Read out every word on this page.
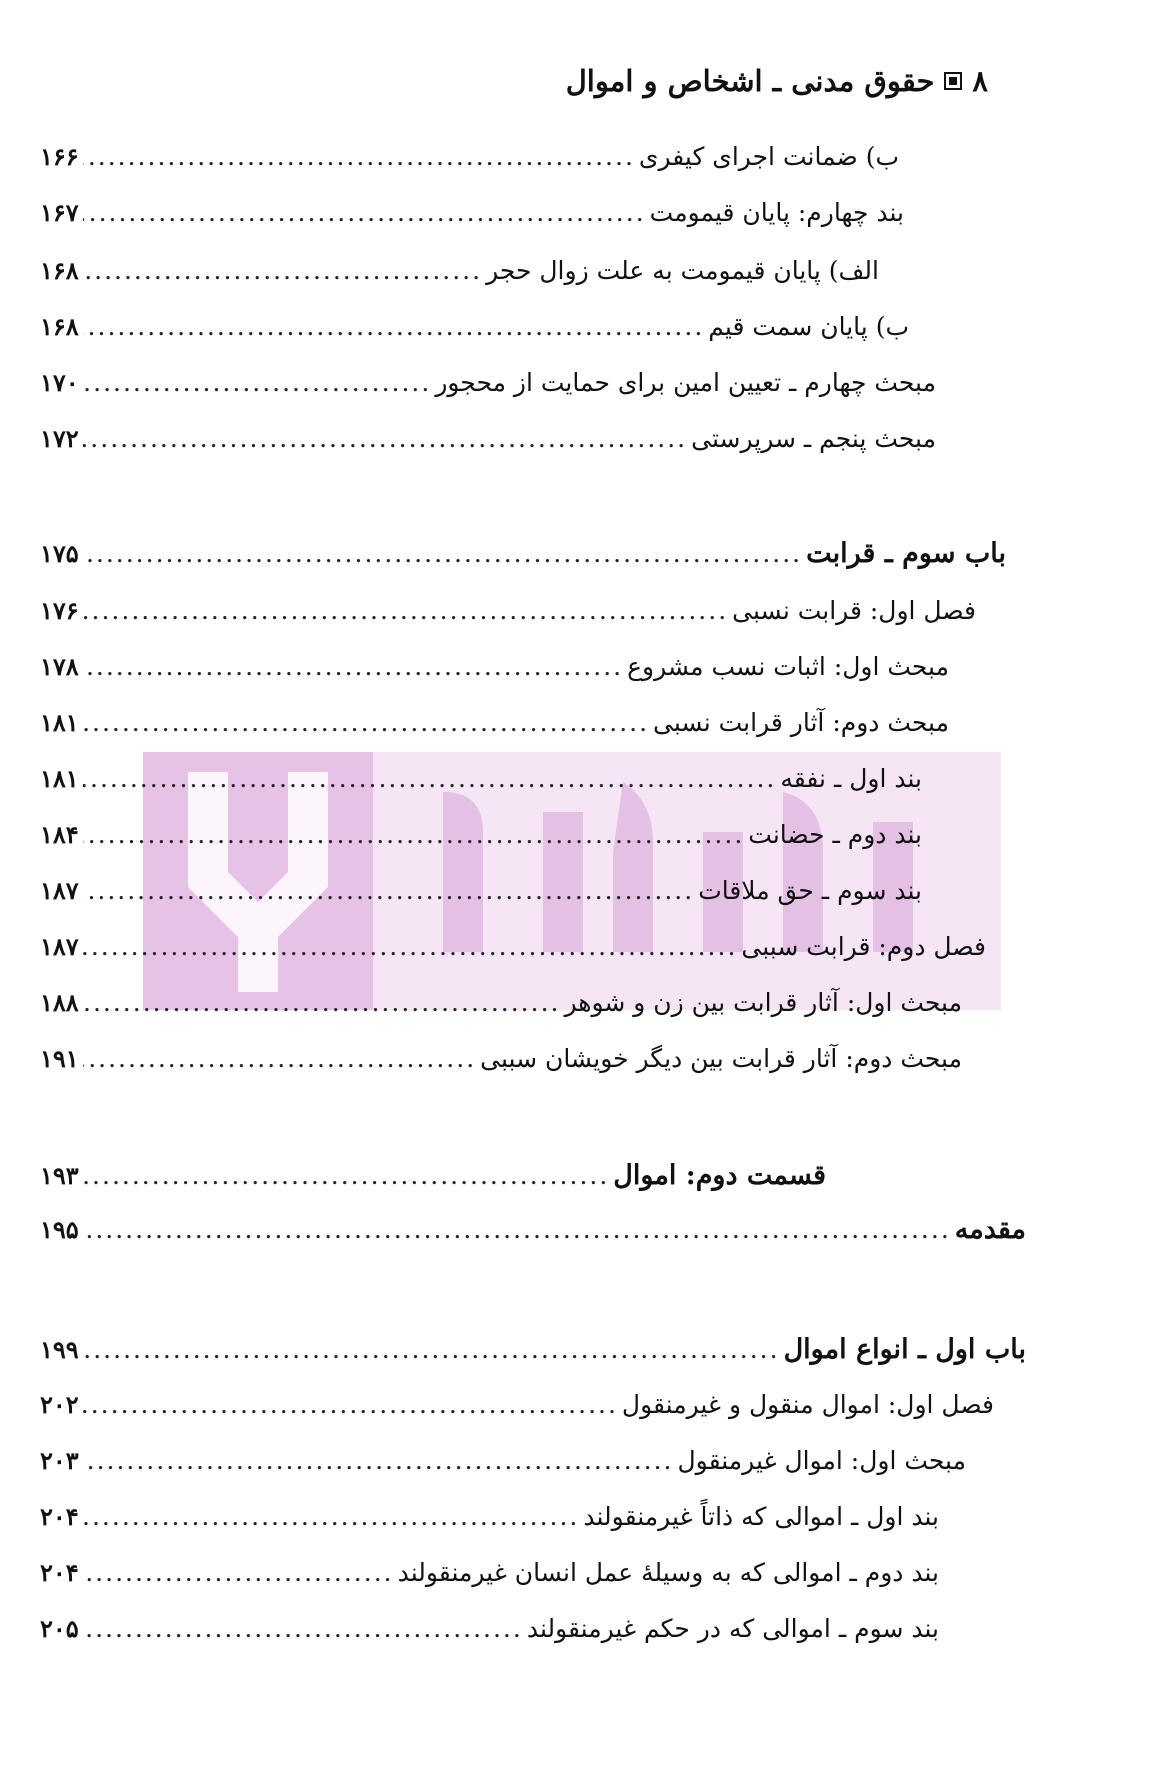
۸
حقوق مدنی ـ اشخاص و اموال
ب) ضمانت اجرای کیفری
.....
۱۶۶
بند چهارم: پایان قیمومت
.....
۱۶۷
الف) پایان قیمومت به علت زوال حجر
.....
۱۶۸
ب) پایان سمت قیم
.....
۱۶۸
مبحث چهارم ـ تعیین امین برای حمایت از محجور
.....
۱۷۰
مبحث پنجم ـ سرپرستی
.....
۱۷۲
باب سوم ـ قرابت
.....
۱۷۵
فصل اول: قرابت نسبی
.....
۱۷۶
مبحث اول: اثبات نسب مشروع
.....
۱۷۸
مبحث دوم: آثار قرابت نسبی
.....
۱۸۱
بند اول ـ نفقه
.....
۱۸۱
بند دوم ـ حضانت
.....
۱۸۴
بند سوم ـ حق ملاقات
.....
۱۸۷
فصل دوم: قرابت سببی
.....
۱۸۷
مبحث اول: آثار قرابت بین زن و شوهر
.....
۱۸۸
مبحث دوم: آثار قرابت بین دیگر خویشان سببی
.....
۱۹۱
قسمت دوم: اموال
.....
۱۹۳
مقدمه
.....
۱۹۵
باب اول ـ انواع اموال
.....
۱۹۹
فصل اول: اموال منقول و غیرمنقول
.....
۲۰۲
مبحث اول: اموال غیرمنقول
.....
۲۰۳
بند اول ـ اموالی که ذاتاً غیرمنقولند
.....
۲۰۴
بند دوم ـ اموالی که به وسیلهٔ عمل انسان غیرمنقولند
.....
۲۰۴
بند سوم ـ اموالی که در حکم غیرمنقولند
.....
۲۰۵
